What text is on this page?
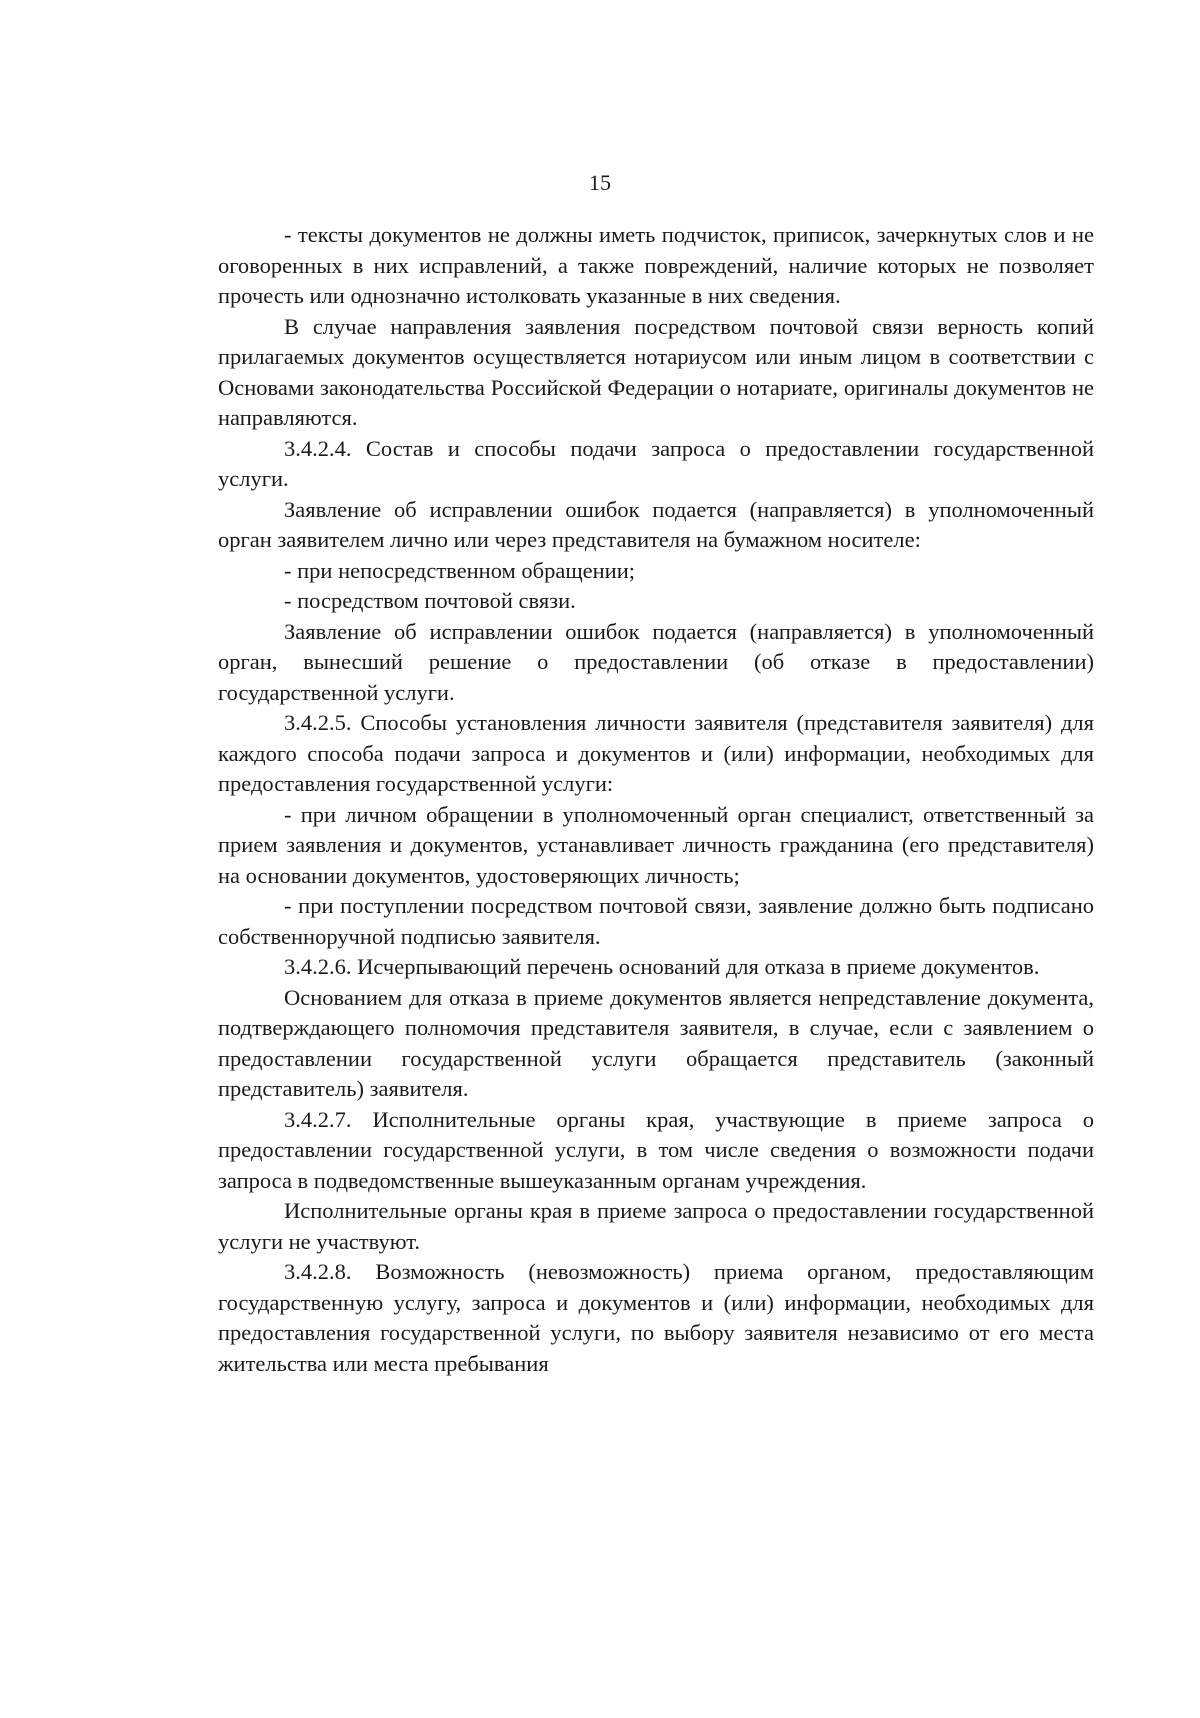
15

- тексты документов не должны иметь подчисток, приписок, зачеркнутых слов и не оговоренных в них исправлений, а также повреждений, наличие которых не позволяет прочесть или однозначно истолковать указанные в них сведения.

В случае направления заявления посредством почтовой связи верность копий прилагаемых документов осуществляется нотариусом или иным лицом в соответствии с Основами законодательства Российской Федерации о нотариате, оригиналы документов не направляются.

3.4.2.4. Состав и способы подачи запроса о предоставлении государственной услуги.

Заявление об исправлении ошибок подается (направляется) в уполномоченный орган заявителем лично или через представителя на бумажном носителе:

- при непосредственном обращении;

- посредством почтовой связи.

Заявление об исправлении ошибок подается (направляется) в уполномоченный орган, вынесший решение о предоставлении (об отказе в предоставлении) государственной услуги.

3.4.2.5. Способы установления личности заявителя (представителя заявителя) для каждого способа подачи запроса и документов и (или) информации, необходимых для предоставления государственной услуги:

- при личном обращении в уполномоченный орган специалист, ответственный за прием заявления и документов, устанавливает личность гражданина (его представителя) на основании документов, удостоверяющих личность;

- при поступлении посредством почтовой связи, заявление должно быть подписано собственноручной подписью заявителя.

3.4.2.6. Исчерпывающий перечень оснований для отказа в приеме документов.

Основанием для отказа в приеме документов является непредставление документа, подтверждающего полномочия представителя заявителя, в случае, если с заявлением о предоставлении государственной услуги обращается представитель (законный представитель) заявителя.

3.4.2.7. Исполнительные органы края, участвующие в приеме запроса о предоставлении государственной услуги, в том числе сведения о возможности подачи запроса в подведомственные вышеуказанным органам учреждения.

Исполнительные органы края в приеме запроса о предоставлении государственной услуги не участвуют.

3.4.2.8. Возможность (невозможность) приема органом, предоставляющим государственную услугу, запроса и документов и (или) информации, необходимых для предоставления государственной услуги, по выбору заявителя независимо от его места жительства или места пребывания
